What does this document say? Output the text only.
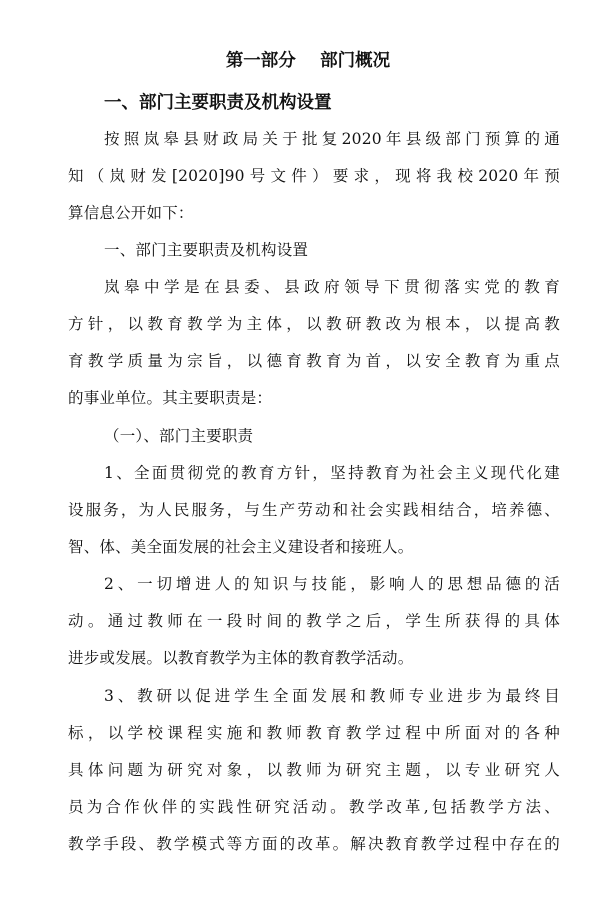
第一部分    部门概况
一、部门主要职责及机构设置
按照岚皋县财政局关于批复2020年县级部门预算的通
知（岚财发[2020]90号文件）要求，现将我校2020年预
算信息公开如下：
一、部门主要职责及机构设置
岚皋中学是在县委、县政府领导下贯彻落实党的教育
方针，以教育教学为主体，以教研教改为根本，以提高教
育教学质量为宗旨，以德育教育为首，以安全教育为重点
的事业单位。其主要职责是：
（一）、部门主要职责
1、全面贯彻党的教育方针，坚持教育为社会主义现代化建
设服务，为人民服务，与生产劳动和社会实践相结合，培养德、
智、体、美全面发展的社会主义建设者和接班人。
2、一切增进人的知识与技能，影响人的思想品德的活
动。通过教师在一段时间的教学之后，学生所获得的具体
进步或发展。以教育教学为主体的教育教学活动。
3、教研以促进学生全面发展和教师专业进步为最终目
标，以学校课程实施和教师教育教学过程中所面对的各种
具体问题为研究对象，以教师为研究主题，以专业研究人
员为合作伙伴的实践性研究活动。教学改革,包括教学方法、
教学手段、教学模式等方面的改革。解决教育教学过程中存在的
